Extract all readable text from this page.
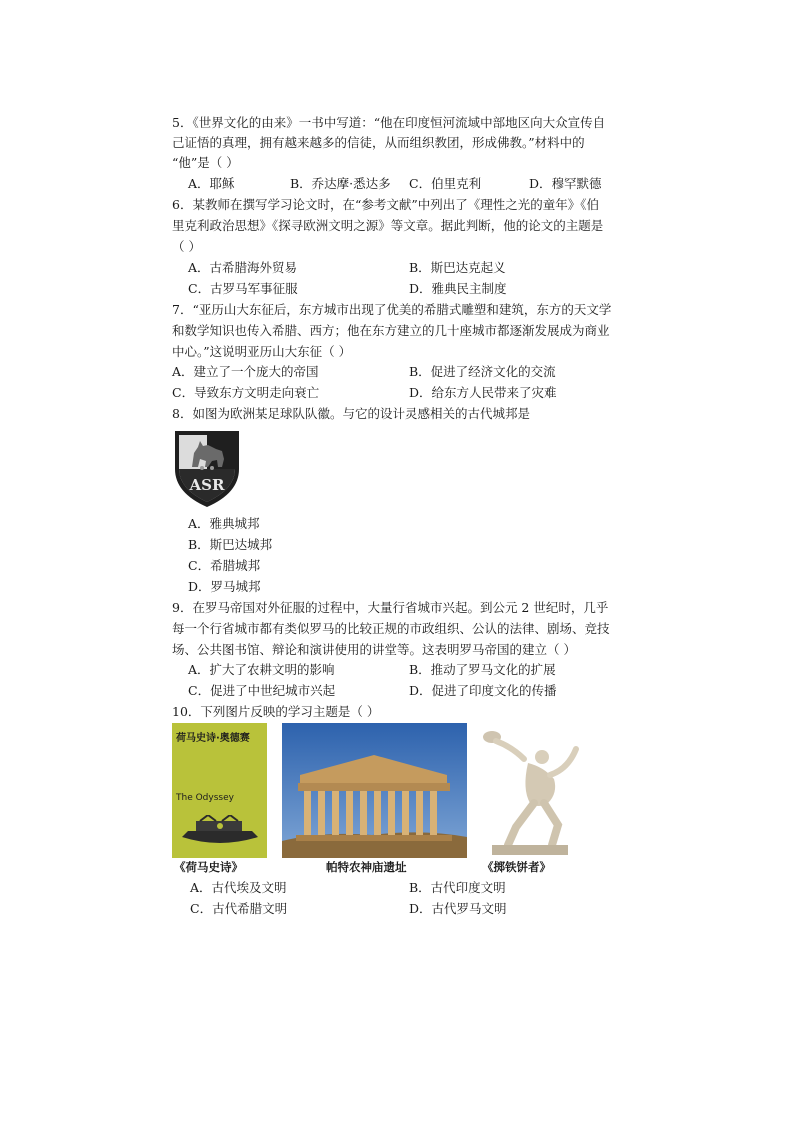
5．《世界文化的由来》一书中写道：“他在印度恒河流域中部地区向大众宣传自
己证悟的真理，拥有越来越多的信徒，从而组织教团，形成佛教。”材料中的
“他”是（ ）
A．耶稣	B．乔达摩·悉达多 C．伯里克利	D．穆罕默德
6．某教师在撰写学习论文时，在“参考文献”中列出了《理性之光的童年》《伯
里克利政治思想》《探寻欧洲文明之源》等文章。据此判断，他的论文的主题是
（ ）
A．古希腊海外贸易	B．斯巴达克起义
C．古罗马军事征服	D．雅典民主制度
7．“亚历山大东征后，东方城市出现了优美的希腊式雕塑和建筑，东方的天文学
和数学知识也传入希腊、西方；他在东方建立的几十座城市都逐渐发展成为商业
中心。”这说明亚历山大东征（ ）
A．建立了一个庞大的帝国	B．促进了经济文化的交流
C．导致东方文明走向衰亡	D．给东方人民带来了灾难
8．如图为欧洲某足球队队徽。与它的设计灵感相关的古代城邦是
ASR
A．雅典城邦
B．斯巴达城邦
C．希腊城邦
D．罗马城邦
9．在罗马帝国对外征服的过程中，大量行省城市兴起。到公元 2 世纪时，几乎
每一个行省城市都有类似罗马的比较正规的市政组织、公认的法律、剧场、竞技
场、公共图书馆、辩论和演讲使用的讲堂等。这表明罗马帝国的建立（ ）
A．扩大了农耕文明的影响	B．推动了罗马文化的扩展
C．促进了中世纪城市兴起	D．促进了印度文化的传播
10．下列图片反映的学习主题是（ ）
荷马史诗·奥德赛
The Odyssey
《荷马史诗》	帕特农神庙遗址	《掷铁饼者》
A．古代埃及文明	B．古代印度文明
C．古代希腊文明	D．古代罗马文明
